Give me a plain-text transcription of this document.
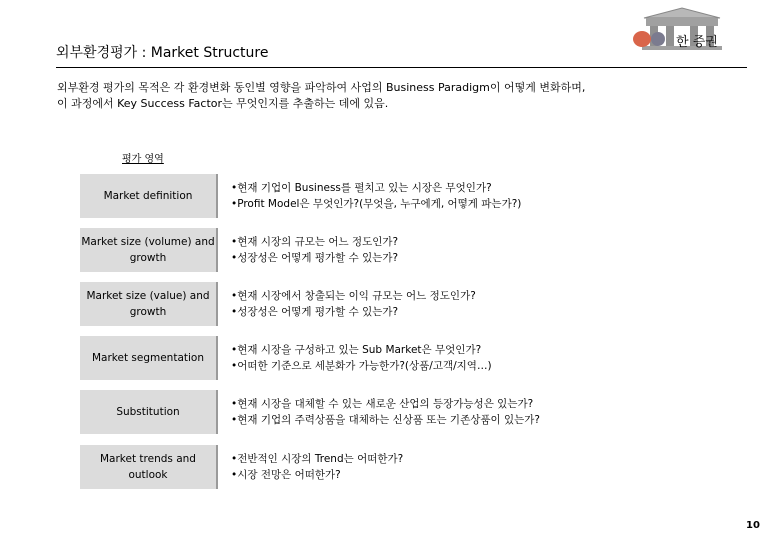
한 증권
외부환경평가 : Market Structure
외부환경 평가의 목적은 각 환경변화 동인별 영향을 파악하여 사업의 Business Paradigm이 어떻게 변화하며,
이 과정에서 Key Success Factor는 무엇인지를 추출하는 데에 있음.
평가 영역
Market definition
•현재 기업이 Business를 펼치고 있는 시장은 무엇인가?
•Profit Model은 무엇인가?(무엇을, 누구에게, 어떻게 파는가?)
Market size (volume) and growth
•현재 시장의 규모는 어느 정도인가?
•성장성은 어떻게 평가할 수 있는가?
Market size (value) and growth
•현재 시장에서 창출되는 이익 규모는 어느 정도인가?
•성장성은 어떻게 평가할 수 있는가?
Market segmentation
•현재 시장을 구성하고 있는 Sub Market은 무엇인가?
•어떠한 기준으로 세분화가 가능한가?(상품/고객/지역…)
Substitution
•현재 시장을 대체할 수 있는 새로운 산업의 등장가능성은 있는가?
•현재 기업의 주력상품을 대체하는 신상품 또는 기존상품이 있는가?
Market trends and outlook
•전반적인 시장의 Trend는 어떠한가?
•시장 전망은 어떠한가?
10
